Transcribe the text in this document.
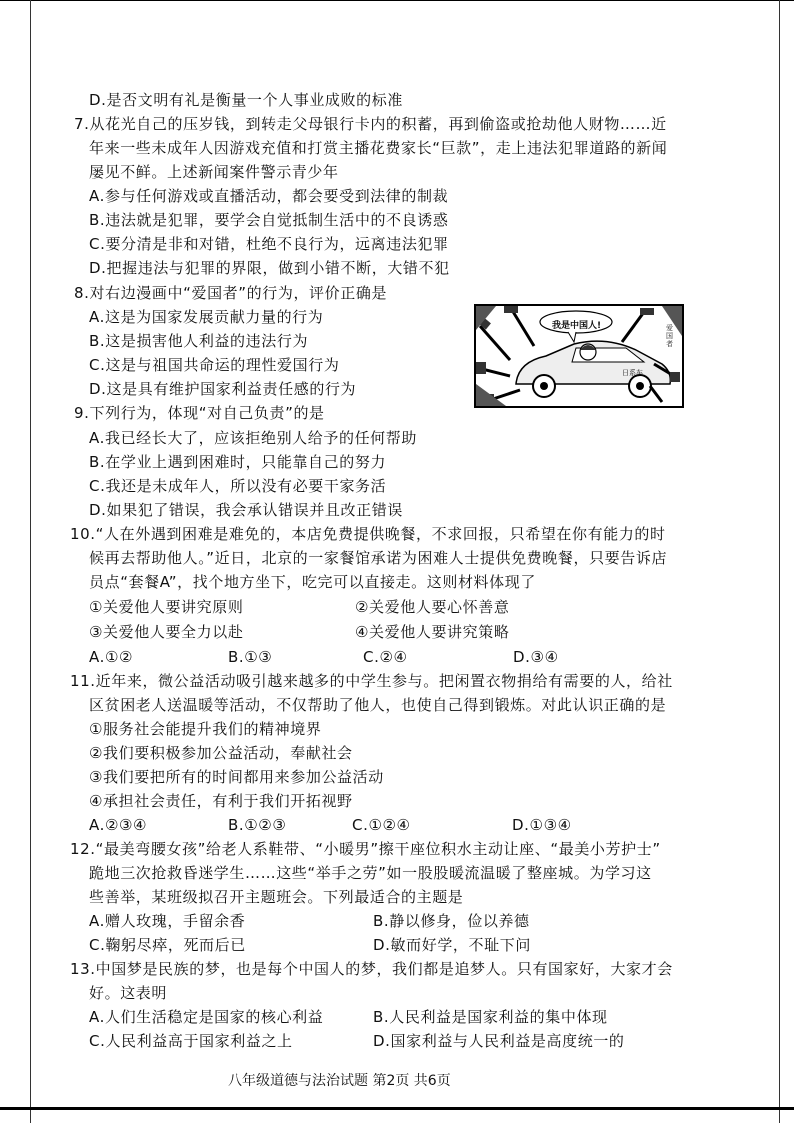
D.是否文明有礼是衡量一个人事业成败的标准
7.从花光自己的压岁钱，到转走父母银行卡内的积蓄，再到偷盗或抢劫他人财物……近
年来一些未成年人因游戏充值和打赏主播花费家长“巨款”，走上违法犯罪道路的新闻
屡见不鲜。上述新闻案件警示青少年
A.参与任何游戏或直播活动，都会要受到法律的制裁
B.违法就是犯罪，要学会自觉抵制生活中的不良诱惑
C.要分清是非和对错，杜绝不良行为，远离违法犯罪
D.把握违法与犯罪的界限，做到小错不断，大错不犯
8.对右边漫画中“爱国者”的行为，评价正确是
A.这是为国家发展贡献力量的行为
B.这是损害他人利益的违法行为
C.这是与祖国共命运的理性爱国行为
D.这是具有维护国家利益责任感的行为
我是中国人!
日系车
爱国者
9.下列行为，体现“对自己负责”的是
A.我已经长大了，应该拒绝别人给予的任何帮助
B.在学业上遇到困难时，只能靠自己的努力
C.我还是未成年人，所以没有必要干家务活
D.如果犯了错误，我会承认错误并且改正错误
10.“人在外遇到困难是难免的，本店免费提供晚餐，不求回报，只希望在你有能力的时
候再去帮助他人。”近日，北京的一家餐馆承诺为困难人士提供免费晚餐，只要告诉店
员点“套餐A”，找个地方坐下，吃完可以直接走。这则材料体现了
①关爱他人要讲究原则	②关爱他人要心怀善意
③关爱他人要全力以赴	④关爱他人要讲究策略
A.①②	B.①③	C.②④	D.③④
11.近年来，微公益活动吸引越来越多的中学生参与。把闲置衣物捐给有需要的人，给社
区贫困老人送温暖等活动，不仅帮助了他人，也使自己得到锻炼。对此认识正确的是
①服务社会能提升我们的精神境界
②我们要积极参加公益活动，奉献社会
③我们要把所有的时间都用来参加公益活动
④承担社会责任，有利于我们开拓视野
A.②③④	B.①②③	C.①②④	D.①③④
12.“最美弯腰女孩”给老人系鞋带、“小暖男”擦干座位积水主动让座、“最美小芳护士”
跪地三次抢救昏迷学生……这些“举手之劳”如一股股暖流温暖了整座城。为学习这
些善举，某班级拟召开主题班会。下列最适合的主题是
A.赠人玫瑰，手留余香	B.静以修身，俭以养德
C.鞠躬尽瘁，死而后已	D.敏而好学，不耻下问
13.中国梦是民族的梦，也是每个中国人的梦，我们都是追梦人。只有国家好，大家才会
好。这表明
A.人们生活稳定是国家的核心利益	B.人民利益是国家利益的集中体现
C.人民利益高于国家利益之上	D.国家利益与人民利益是高度统一的
八年级道德与法治试题 第2页 共6页
